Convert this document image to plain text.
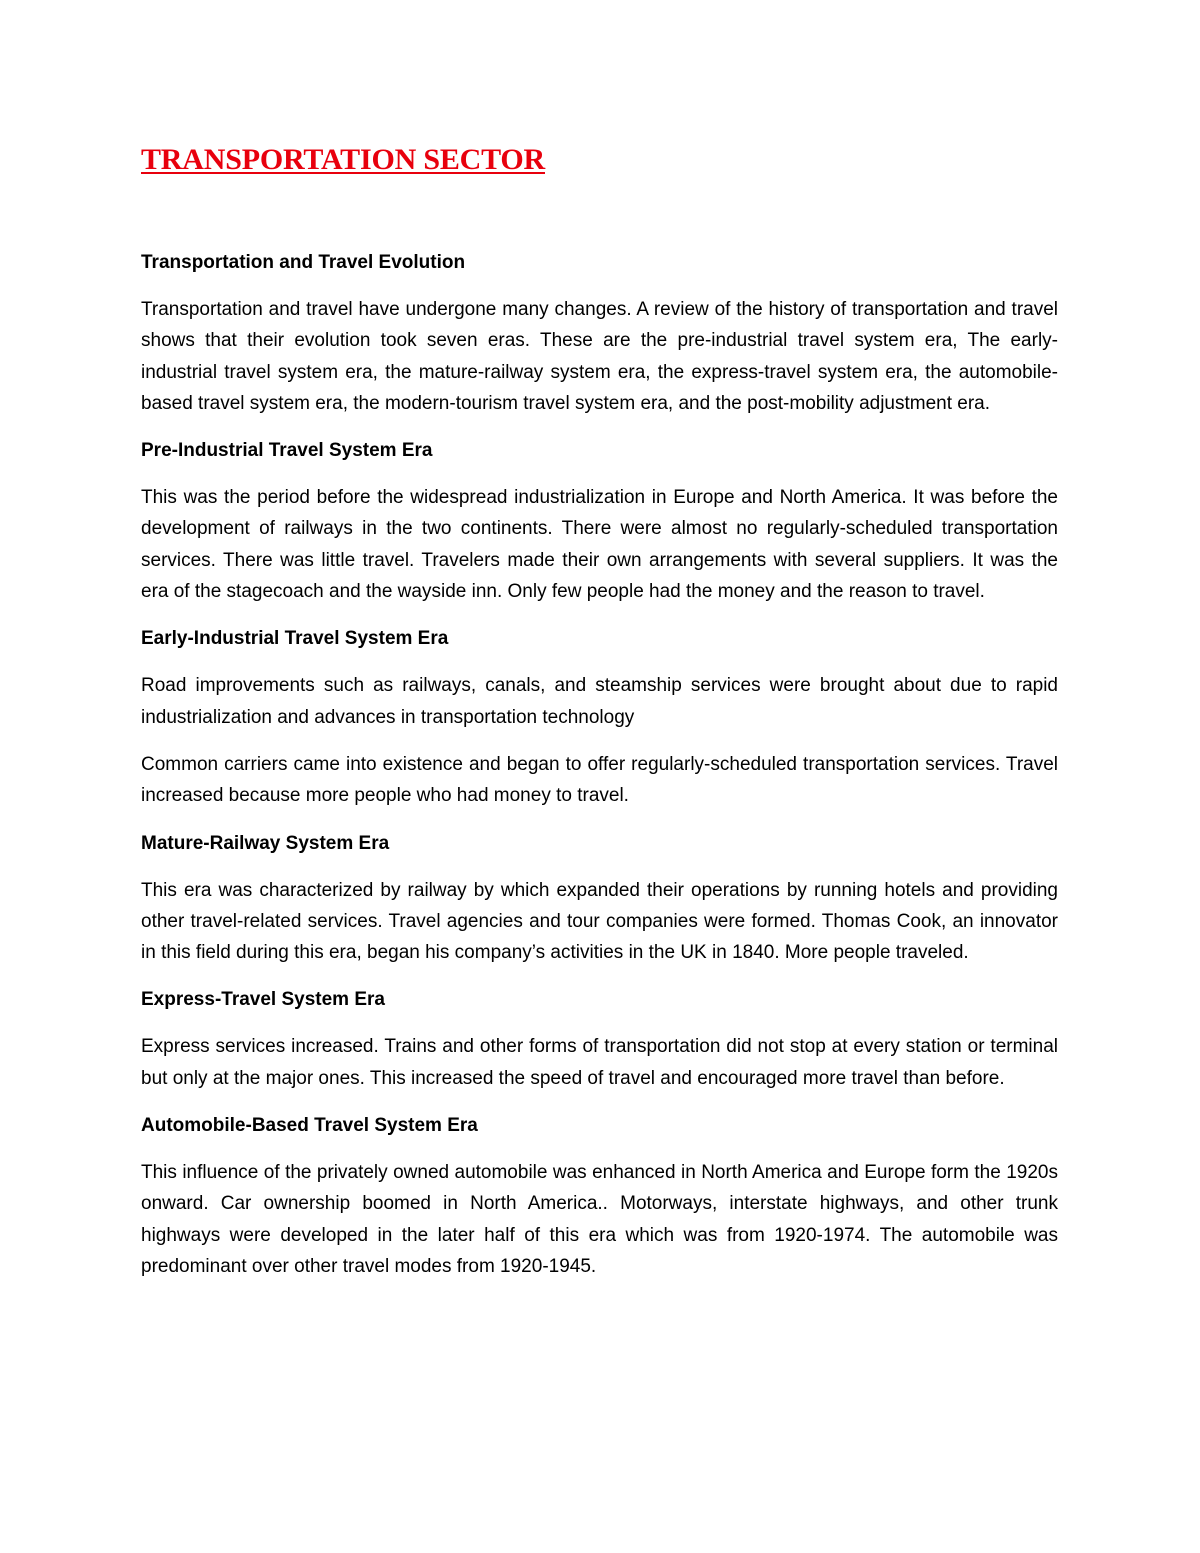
TRANSPORTATION SECTOR
Transportation and Travel Evolution

Transportation and travel have undergone many changes. A review of the history of transportation and travel shows that their evolution took seven eras. These are the pre-industrial travel system era, The early-industrial travel system era, the mature-railway system era, the express-travel system era, the automobile-based travel system era, the modern-tourism travel system era, and the post-mobility adjustment era.

Pre-Industrial Travel System Era

This was the period before the widespread industrialization in Europe and North America. It was before the development of railways in the two continents. There were almost no regularly-scheduled transportation services. There was little travel. Travelers made their own arrangements with several suppliers. It was the era of the stagecoach and the wayside inn. Only few people had the money and the reason to travel.

Early-Industrial Travel System Era

Road improvements such as railways, canals, and steamship services were brought about due to rapid industrialization and advances in transportation technology

Common carriers came into existence and began to offer regularly-scheduled transportation services. Travel increased because more people who had money to travel.

Mature-Railway System Era

This era was characterized by railway by which expanded their operations by running hotels and providing other travel-related services. Travel agencies and tour companies were formed. Thomas Cook, an innovator in this field during this era, began his company’s activities in the UK in 1840. More people traveled.

Express-Travel System Era

Express services increased. Trains and other forms of transportation did not stop at every station or terminal but only at the major ones. This increased the speed of travel and encouraged more travel than before.

Automobile-Based Travel System Era

This influence of the privately owned automobile was enhanced in North America and Europe form the 1920s onward. Car ownership boomed in North America.. Motorways, interstate highways, and other trunk highways were developed in the later half of this era which was from 1920-1974. The automobile was predominant over other travel modes from 1920-1945.
